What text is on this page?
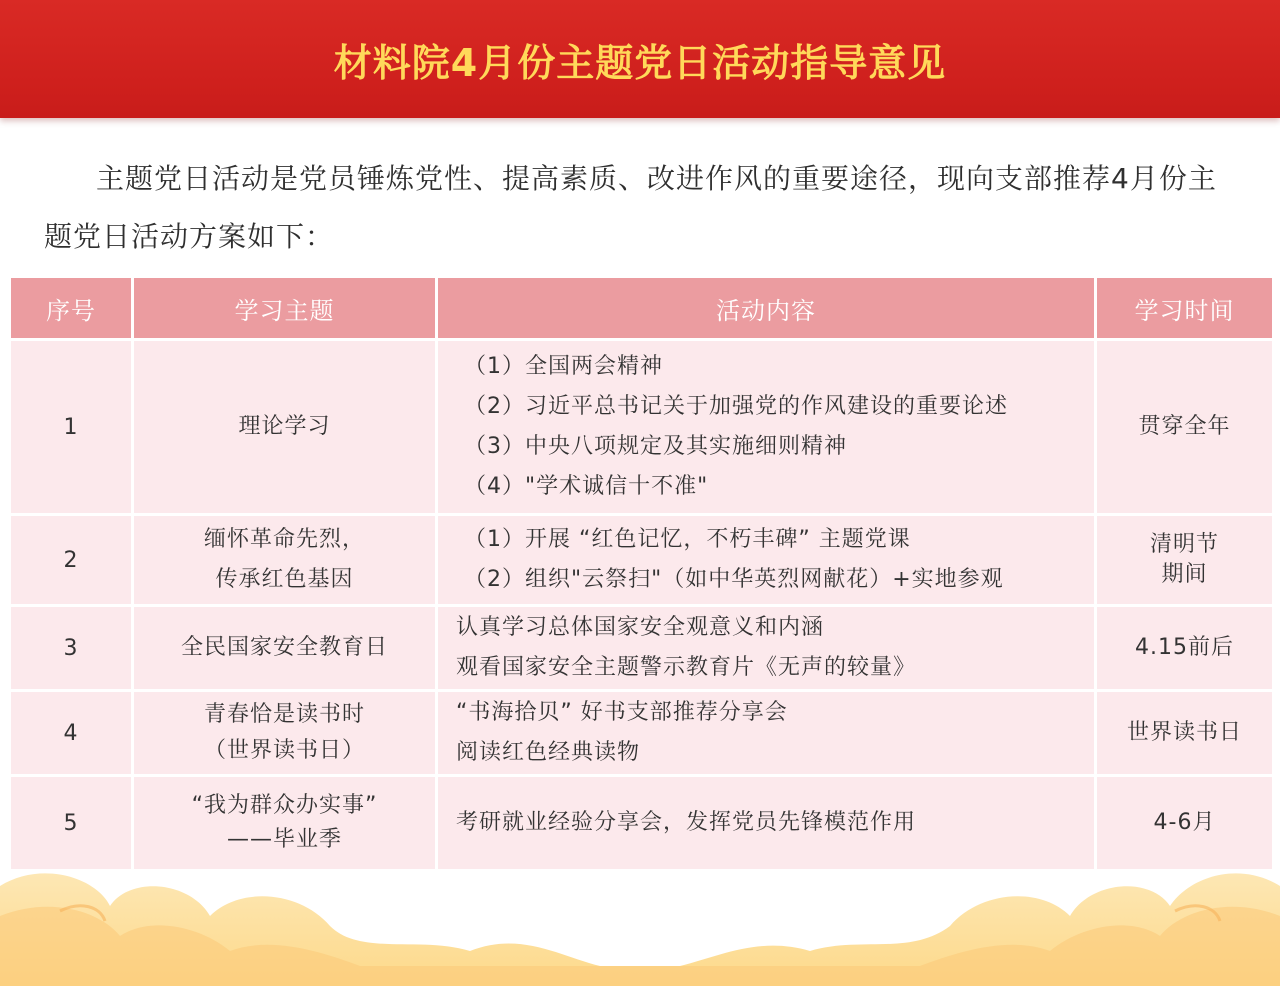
材料院4月份主题党日活动指导意见
主题党日活动是党员锤炼党性、提高素质、改进作风的重要途径，现向支部推荐4月份主题党日活动方案如下：
序号	学习主题	活动内容	学习时间
1	理论学习	（1）全国两会精神
（2）习近平总书记关于加强党的作风建设的重要论述
（3）中央八项规定及其实施细则精神
（4）"学术诚信十不准"	贯穿全年

2	缅怀革命先烈，
传承红色基因	（1）开展 “红色记忆，不朽丰碑” 主题党课
（2）组织"云祭扫"（如中华英烈网献花）+实地参观	清明节
期间

3	全民国家安全教育日	认真学习总体国家安全观意义和内涵
观看国家安全主题警示教育片《无声的较量》	4.15前后

4	青春恰是读书时
（世界读书日）	“书海拾贝” 好书支部推荐分享会
阅读红色经典读物	世界读书日

5	“我为群众办实事”
——毕业季	考研就业经验分享会，发挥党员先锋模范作用	4-6月
